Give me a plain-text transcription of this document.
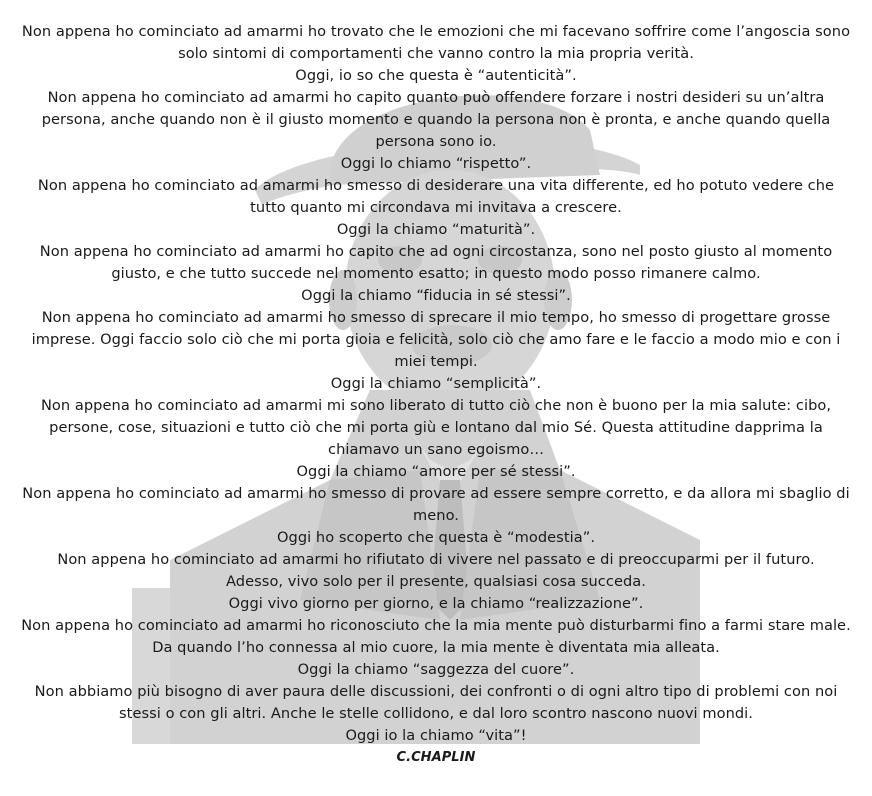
Non appena ho cominciato ad amarmi ho trovato che le emozioni che mi facevano soffrire come l’angoscia sono solo sintomi di comportamenti che vanno contro la mia propria verità.

Oggi, io so che questa è “autenticità”.

Non appena ho cominciato ad amarmi ho capito quanto può offendere forzare i nostri desideri su un’altra persona, anche quando non è il giusto momento e quando la persona non è pronta, e anche quando quella persona sono io.

Oggi lo chiamo “rispetto”.

Non appena ho cominciato ad amarmi ho smesso di desiderare una vita differente, ed ho potuto vedere che tutto quanto mi circondava mi invitava a crescere.

Oggi la chiamo “maturità”.

Non appena ho cominciato ad amarmi ho capito che ad ogni circostanza, sono nel posto giusto al momento giusto, e che tutto succede nel momento esatto; in questo modo posso rimanere calmo.

Oggi la chiamo “fiducia in sé stessi”.

Non appena ho cominciato ad amarmi ho smesso di sprecare il mio tempo, ho smesso di progettare grosse imprese. Oggi faccio solo ciò che mi porta gioia e felicità, solo ciò che amo fare e le faccio a modo mio e con i miei tempi.

Oggi la chiamo “semplicità”.

Non appena ho cominciato ad amarmi mi sono liberato di tutto ciò che non è buono per la mia salute: cibo, persone, cose, situazioni e tutto ciò che mi porta giù e lontano dal mio Sé. Questa attitudine dapprima la chiamavo un sano egoismo…

Oggi la chiamo “amore per sé stessi”.

Non appena ho cominciato ad amarmi ho smesso di provare ad essere sempre corretto, e da allora mi sbaglio di meno.

Oggi ho scoperto che questa è “modestia”.

Non appena ho cominciato ad amarmi ho rifiutato di vivere nel passato e di preoccuparmi per il futuro.

Adesso, vivo solo per il presente, qualsiasi cosa succeda.

Oggi vivo giorno per giorno, e la chiamo “realizzazione”.

Non appena ho cominciato ad amarmi ho riconosciuto che la mia mente può disturbarmi fino a farmi stare male. Da quando l’ho connessa al mio cuore, la mia mente è diventata mia alleata.

Oggi la chiamo “saggezza del cuore”.

Non abbiamo più bisogno di aver paura delle discussioni, dei confronti o di ogni altro tipo di problemi con noi stessi o con gli altri. Anche le stelle collidono, e dal loro scontro nascono nuovi mondi.

Oggi io la chiamo “vita”!

C.CHAPLIN
